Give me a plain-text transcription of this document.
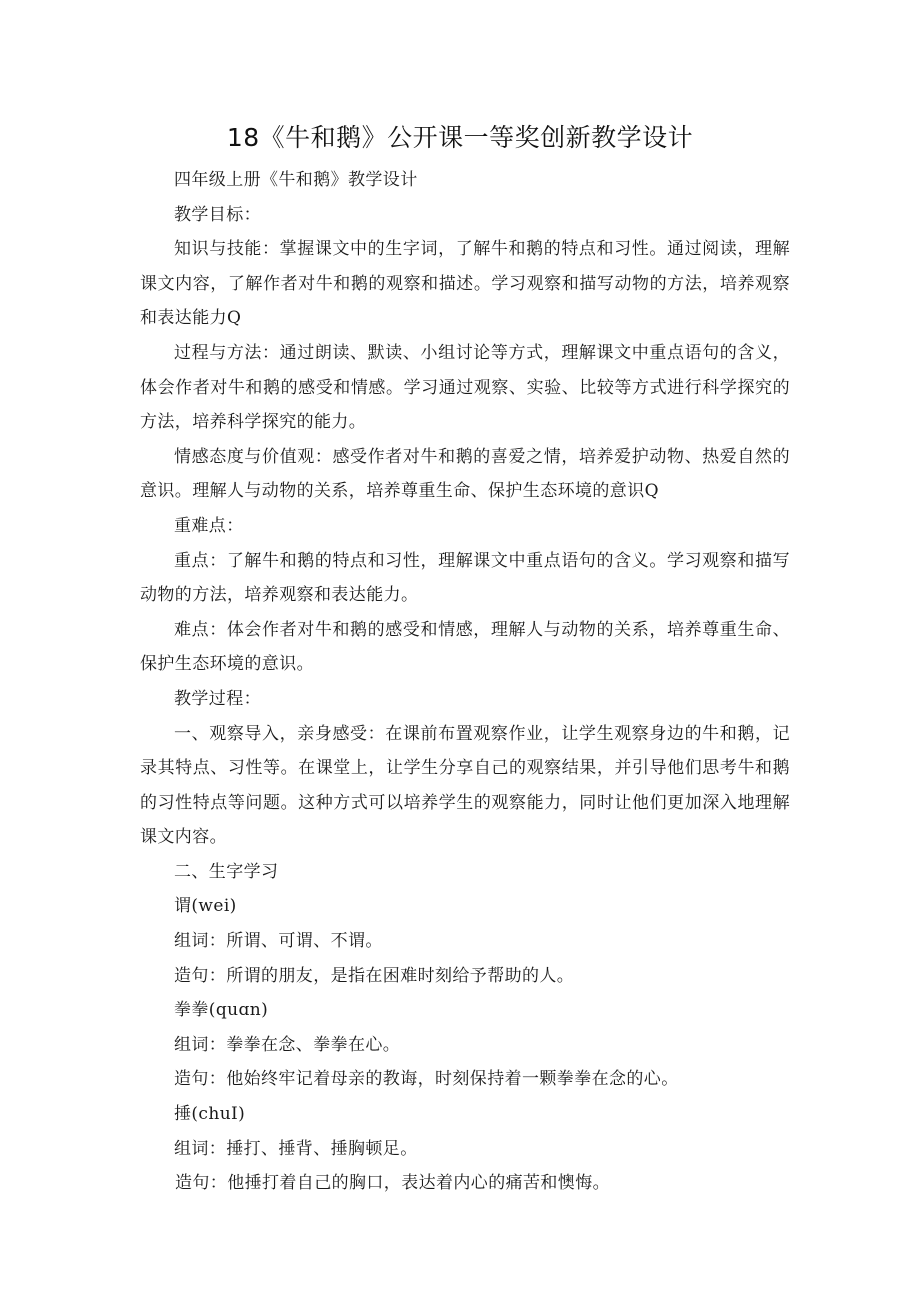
18《牛和鹅》公开课一等奖创新教学设计

四年级上册《牛和鹅》教学设计

教学目标：

知识与技能：掌握课文中的生字词，了解牛和鹅的特点和习性。通过阅读，理解课文内容，了解作者对牛和鹅的观察和描述。学习观察和描写动物的方法，培养观察和表达能力Q

过程与方法：通过朗读、默读、小组讨论等方式，理解课文中重点语句的含义，体会作者对牛和鹅的感受和情感。学习通过观察、实验、比较等方式进行科学探究的方法，培养科学探究的能力。

情感态度与价值观：感受作者对牛和鹅的喜爱之情，培养爱护动物、热爱自然的意识。理解人与动物的关系，培养尊重生命、保护生态环境的意识Q

重难点：

重点：了解牛和鹅的特点和习性，理解课文中重点语句的含义。学习观察和描写动物的方法，培养观察和表达能力。

难点：体会作者对牛和鹅的感受和情感，理解人与动物的关系，培养尊重生命、保护生态环境的意识。

教学过程：

一、观察导入，亲身感受：在课前布置观察作业，让学生观察身边的牛和鹅，记录其特点、习性等。在课堂上，让学生分享自己的观察结果，并引导他们思考牛和鹅的习性特点等问题。这种方式可以培养学生的观察能力，同时让他们更加深入地理解课文内容。

二、生字学习

谓(wei)

组词：所谓、可谓、不谓。

造句：所谓的朋友，是指在困难时刻给予帮助的人。

拳拳(quɑn)

组词：拳拳在念、拳拳在心。

造句：他始终牢记着母亲的教诲，时刻保持着一颗拳拳在念的心。

捶(chuI)

组词：捶打、捶背、捶胸顿足。

造句：他捶打着自己的胸口，表达着内心的痛苦和懊悔。
